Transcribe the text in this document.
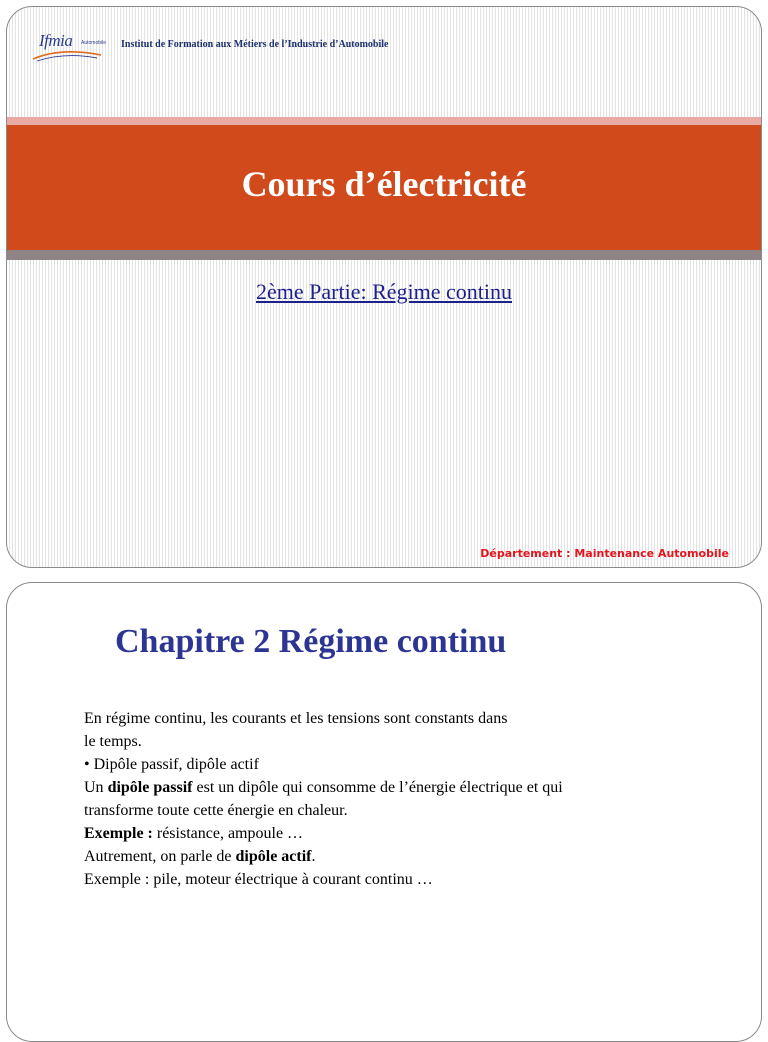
Ifmia Automobile Institut de Formation aux Métiers de l’Industrie d’Automobile
Cours d’électricité
2ème Partie: Régime continu
Département : Maintenance Automobile
Chapitre 2 Régime continu
En régime continu, les courants et les tensions sont constants dans
le temps.
• Dipôle passif, dipôle actif
Un dipôle passif est un dipôle qui consomme de l’énergie électrique et qui
transforme toute cette énergie en chaleur.
Exemple : résistance, ampoule …
Autrement, on parle de dipôle actif.
Exemple : pile, moteur électrique à courant continu …
